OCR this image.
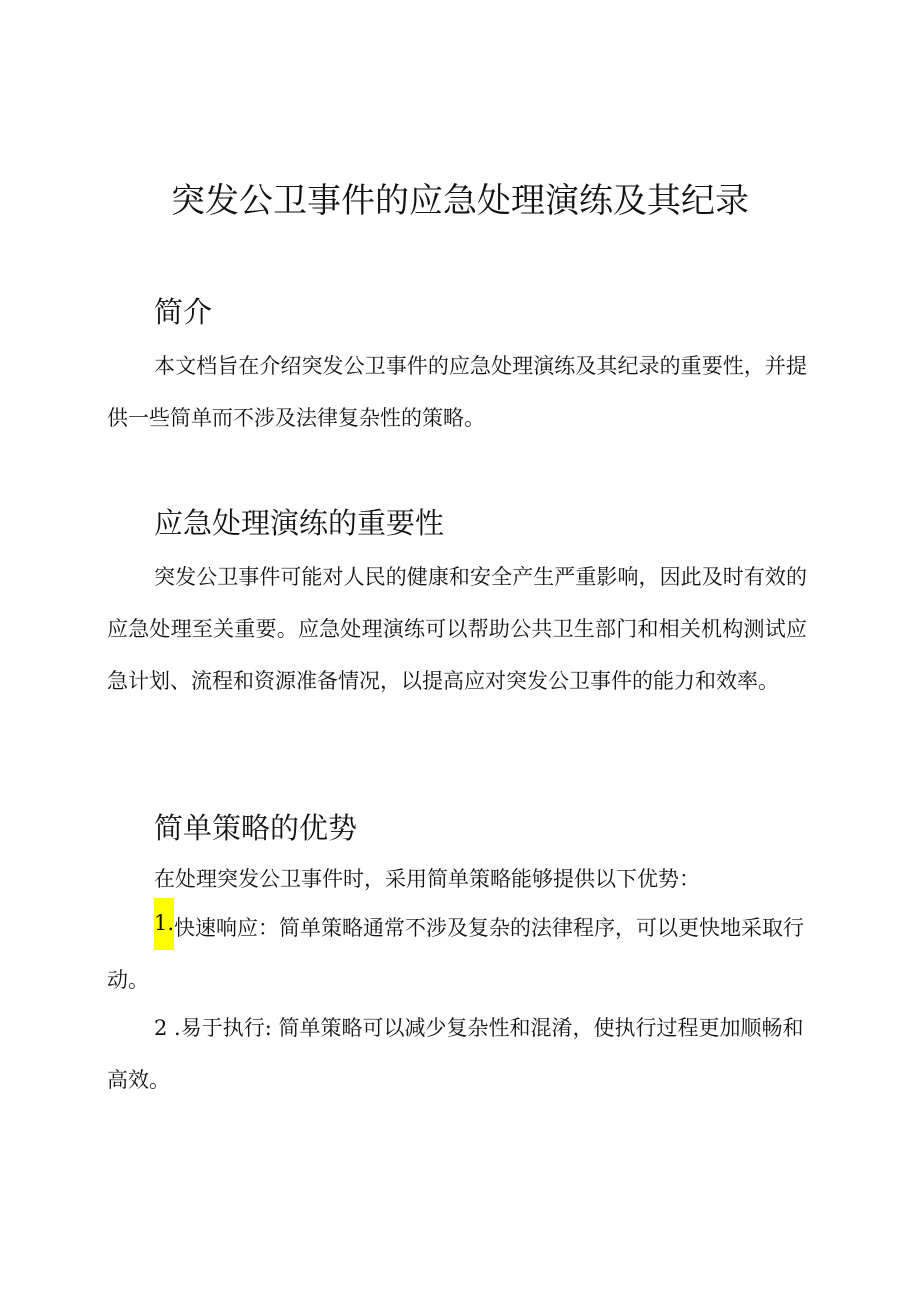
突发公卫事件的应急处理演练及其纪录
简介
本文档旨在介绍突发公卫事件的应急处理演练及其纪录的重要性，并提供一些简单而不涉及法律复杂性的策略。
应急处理演练的重要性
突发公卫事件可能对人民的健康和安全产生严重影响，因此及时有效的应急处理至关重要。应急处理演练可以帮助公共卫生部门和相关机构测试应急计划、流程和资源准备情况，以提高应对突发公卫事件的能力和效率。
简单策略的优势
在处理突发公卫事件时，采用简单策略能够提供以下优势：
1.快速响应：简单策略通常不涉及复杂的法律程序，可以更快地采取行动。
2 .易于执行: 简单策略可以减少复杂性和混淆，使执行过程更加顺畅和高效。
